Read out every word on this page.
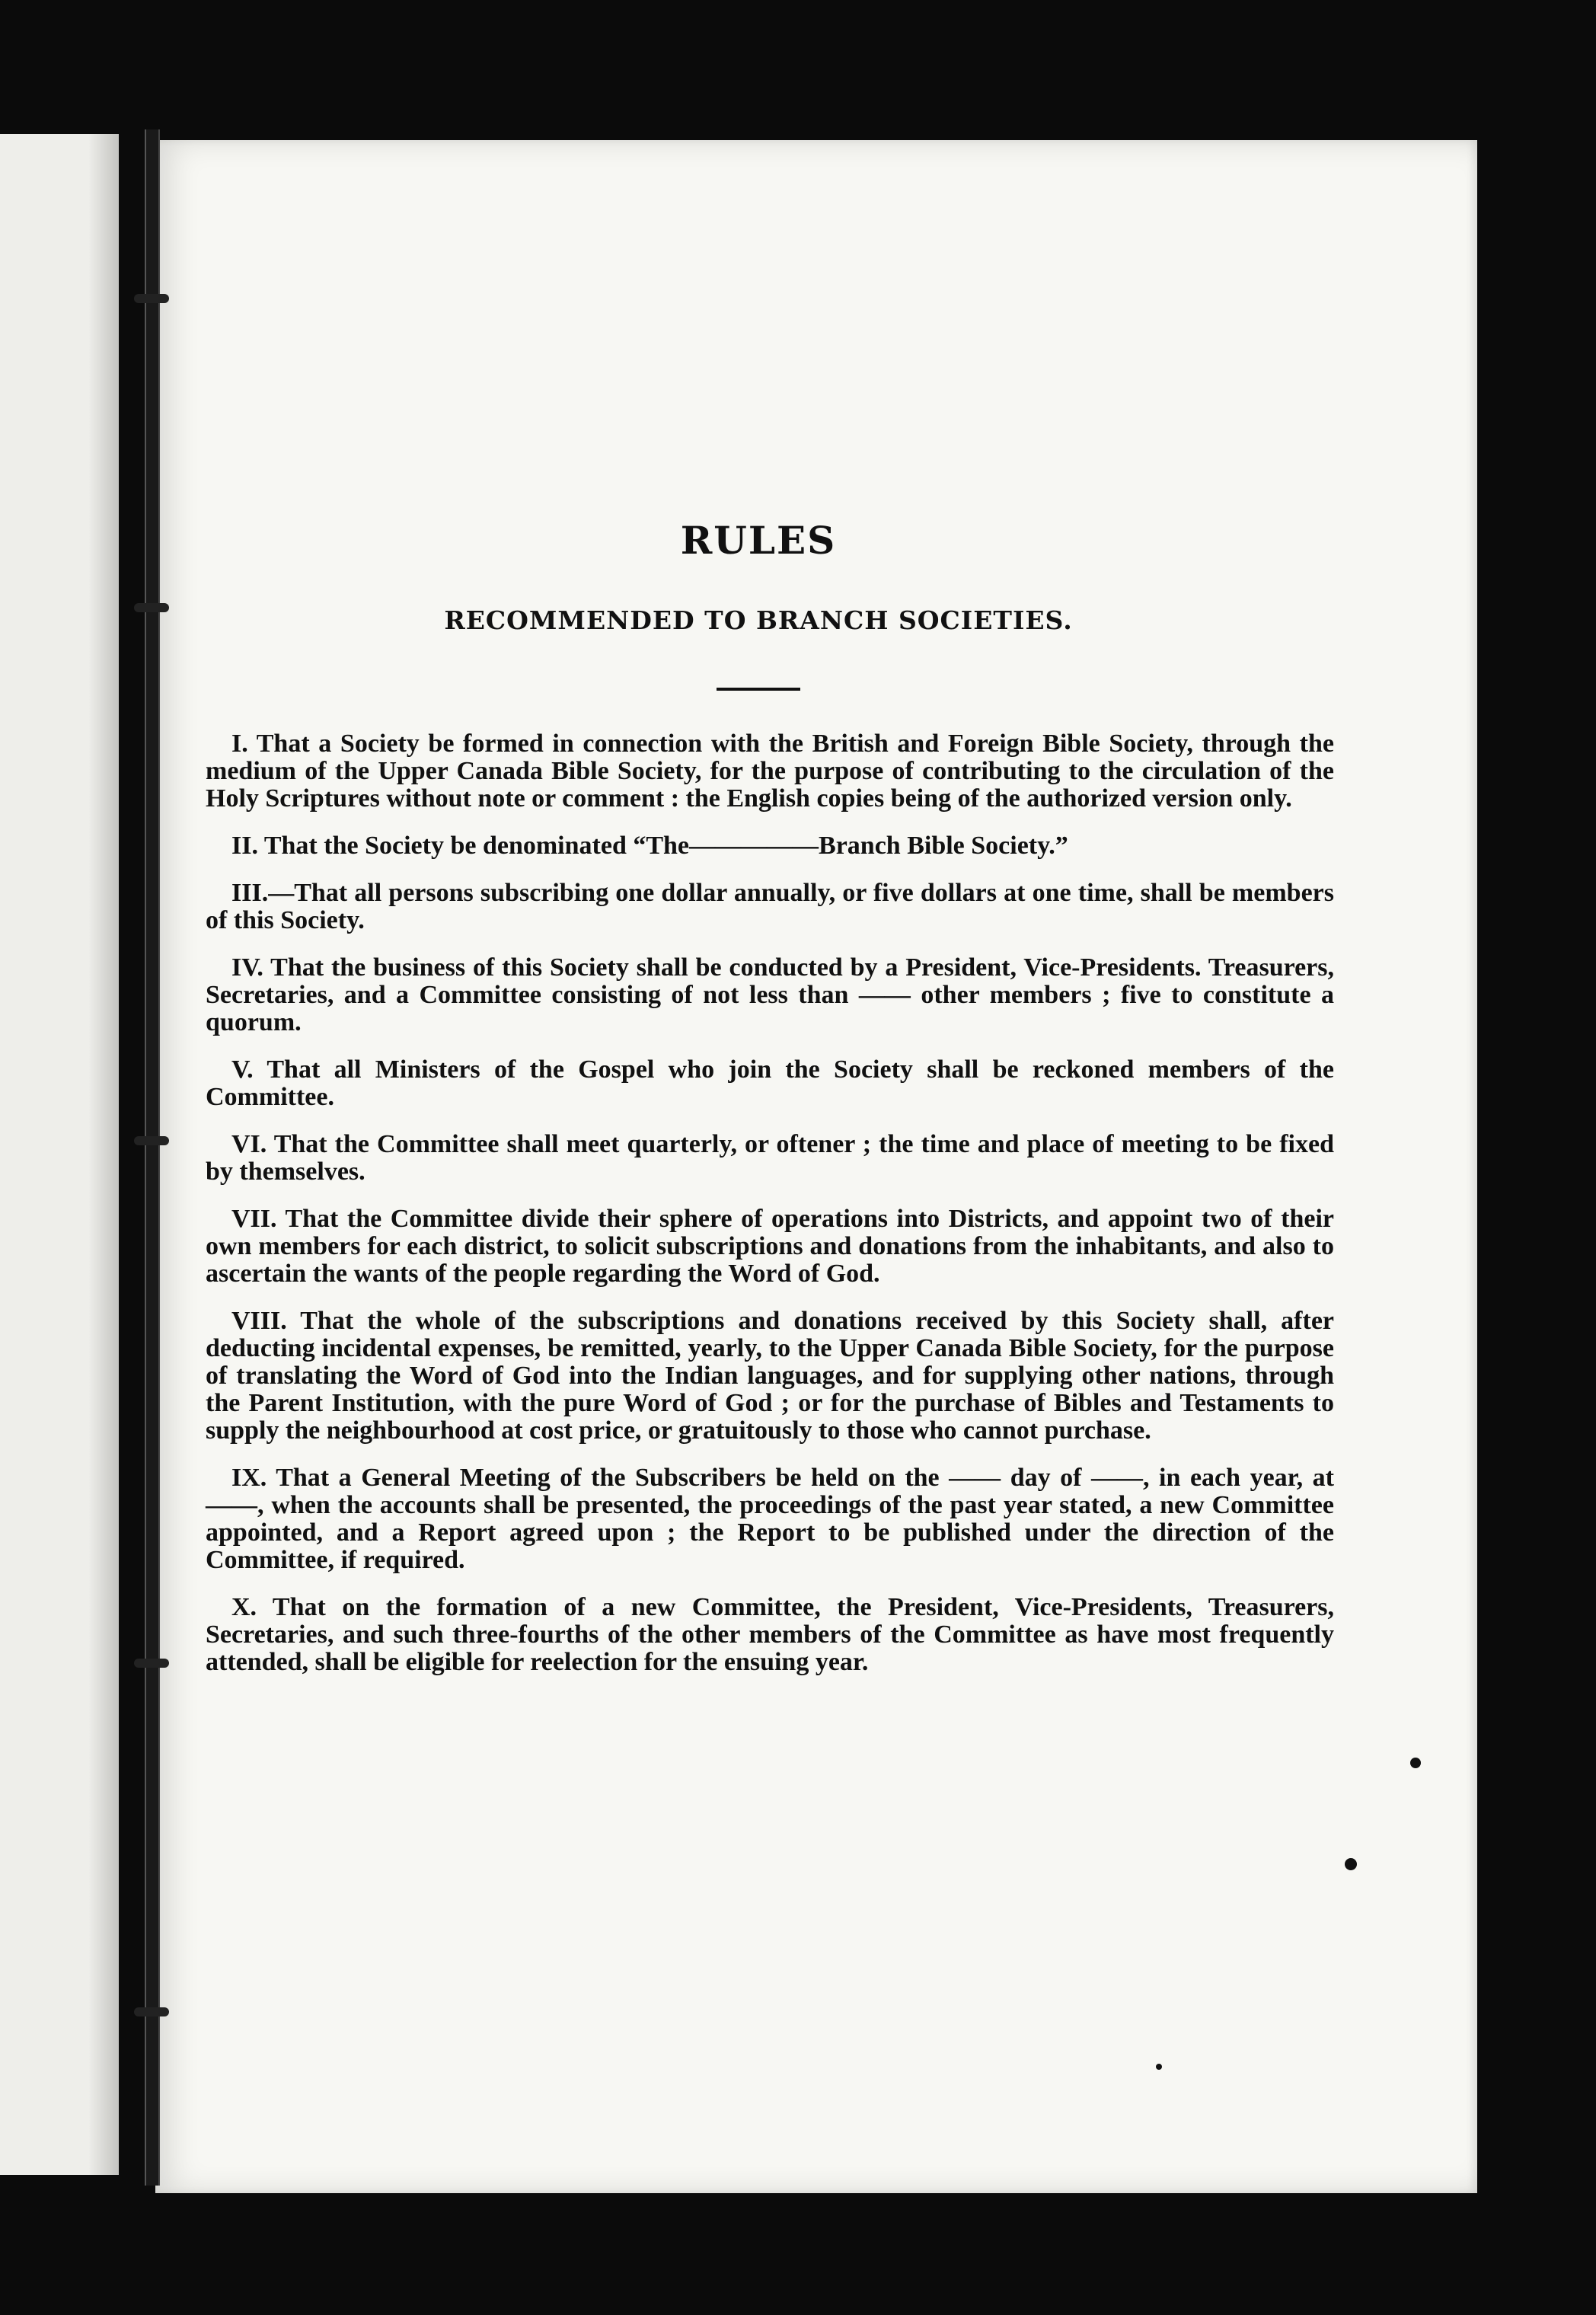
RULES
RECOMMENDED TO BRANCH SOCIETIES.
I. That a Society be formed in connection with the British and Foreign Bible Society, through the medium of the Upper Canada Bible Society, for the purpose of contributing to the circulation of the Holy Scriptures without note or comment : the English copies being of the authorized version only.
II. That the Society be denominated “The—————Branch Bible Society.”
III.—That all persons subscribing one dollar annually, or five dollars at one time, shall be members of this Society.
IV. That the business of this Society shall be conducted by a President, Vice-Presidents. Treasurers, Secretaries, and a Committee consisting of not less than —— other members ; five to constitute a quorum.
V. That all Ministers of the Gospel who join the Society shall be reckoned members of the Committee.
VI. That the Committee shall meet quarterly, or oftener ; the time and place of meeting to be fixed by themselves.
VII. That the Committee divide their sphere of operations into Districts, and appoint two of their own members for each district, to solicit subscriptions and donations from the inhabitants, and also to ascertain the wants of the people regarding the Word of God.
VIII. That the whole of the subscriptions and donations received by this Society shall, after deducting incidental expenses, be remitted, yearly, to the Upper Canada Bible Society, for the purpose of translating the Word of God into the Indian languages, and for supplying other nations, through the Parent Institution, with the pure Word of God ; or for the purchase of Bibles and Testaments to supply the neighbourhood at cost price, or gratuitously to those who cannot purchase.
IX. That a General Meeting of the Subscribers be held on the —— day of ——, in each year, at ——, when the accounts shall be presented, the proceedings of the past year stated, a new Committee appointed, and a Report agreed upon ; the Report to be published under the direction of the Committee, if required.
X. That on the formation of a new Committee, the President, Vice-Presidents, Treasurers, Secretaries, and such three-fourths of the other members of the Committee as have most frequently attended, shall be eligible for reelection for the ensuing year.
